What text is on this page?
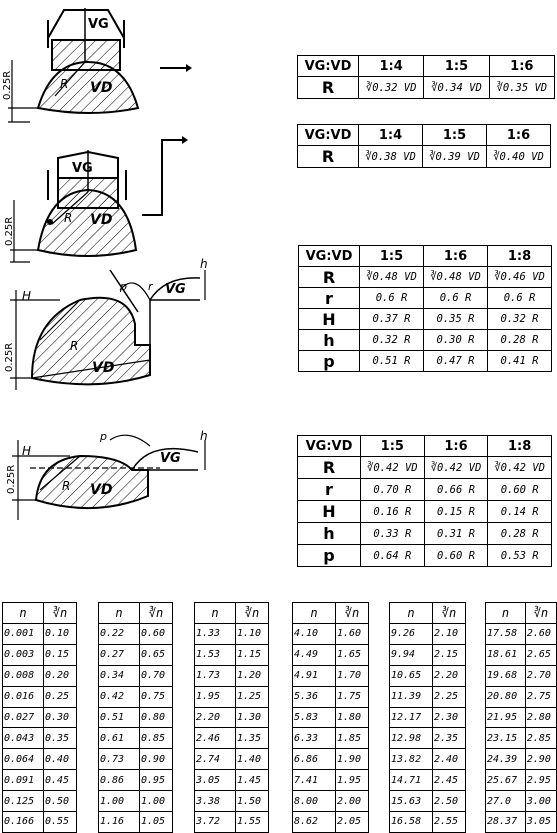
VG
VD
R
0.25R
VG
VD
R
0.25R
VG
VD
R
H
h
p r
0.25R
VG
VD
R
H
h
p
0.25R
VG:VD	1:4	1:5	1:6
R	∛0.32 VD	∛0.34 VD	∛0.35 VD
VG:VD	1:4	1:5	1:6
R	∛0.38 VD	∛0.39 VD	∛0.40 VD
VG:VD	1:5	1:6	1:8
R	∛0.48 VD	∛0.48 VD	∛0.46 VD
r	0.6 R	0.6 R	0.6 R
H	0.37 R	0.35 R	0.32 R
h	0.32 R	0.30 R	0.28 R
p	0.51 R	0.47 R	0.41 R
VG:VD	1:5	1:6	1:8
R	∛0.42 VD	∛0.42 VD	∛0.42 VD
r	0.70 R	0.66 R	0.60 R
H	0.16 R	0.15 R	0.14 R
h	0.33 R	0.31 R	0.28 R
p	0.64 R	0.60 R	0.53 R
n	∛n
0.001	0.10
0.003	0.15
0.008	0.20
0.016	0.25
0.027	0.30
0.043	0.35
0.064	0.40
0.091	0.45
0.125	0.50
0.166	0.55
n	∛n
0.22	0.60
0.27	0.65
0.34	0.70
0.42	0.75
0.51	0.80
0.61	0.85
0.73	0.90
0.86	0.95
1.00	1.00
1.16	1.05
n	∛n
1.33	1.10
1.53	1.15
1.73	1.20
1.95	1.25
2.20	1.30
2.46	1.35
2.74	1.40
3.05	1.45
3.38	1.50
3.72	1.55
n	∛n
4.10	1.60
4.49	1.65
4.91	1.70
5.36	1.75
5.83	1.80
6.33	1.85
6.86	1.90
7.41	1.95
8.00	2.00
8.62	2.05
n	∛n
9.26	2.10
9.94	2.15
10.65	2.20
11.39	2.25
12.17	2.30
12.98	2.35
13.82	2.40
14.71	2.45
15.63	2.50
16.58	2.55
n	∛n
17.58	2.60
18.61	2.65
19.68	2.70
20.80	2.75
21.95	2.80
23.15	2.85
24.39	2.90
25.67	2.95
27.0	3.00
28.37	3.05
